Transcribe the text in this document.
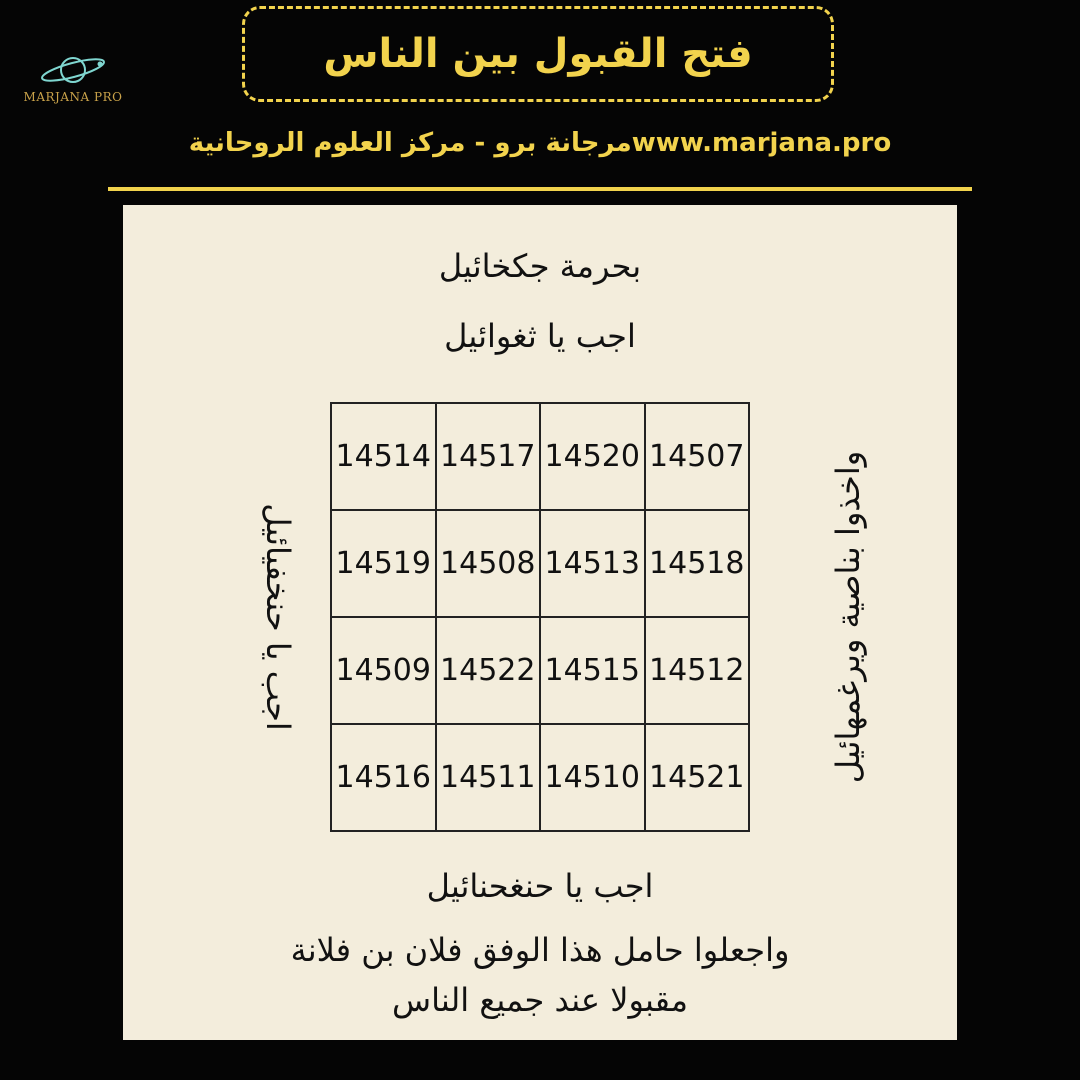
MARJANA PRO
فتح القبول بين الناس
مرجانة برو - مركز العلوم الروحانيةwww.marjana.pro
بحرمة جكخائيل
اجب يا ثغوائيل
اجب يا حنخفيائيل	واخذوا بناصية ويرغمهائيل
14514	14517	14520	14507
14519	14508	14513	14518
14509	14522	14515	14512
14516	14511	14510	14521
اجب يا حنغحنائيل
واجعلوا حامل هذا الوفق فلان بن فلانة
مقبولا عند جميع الناس
